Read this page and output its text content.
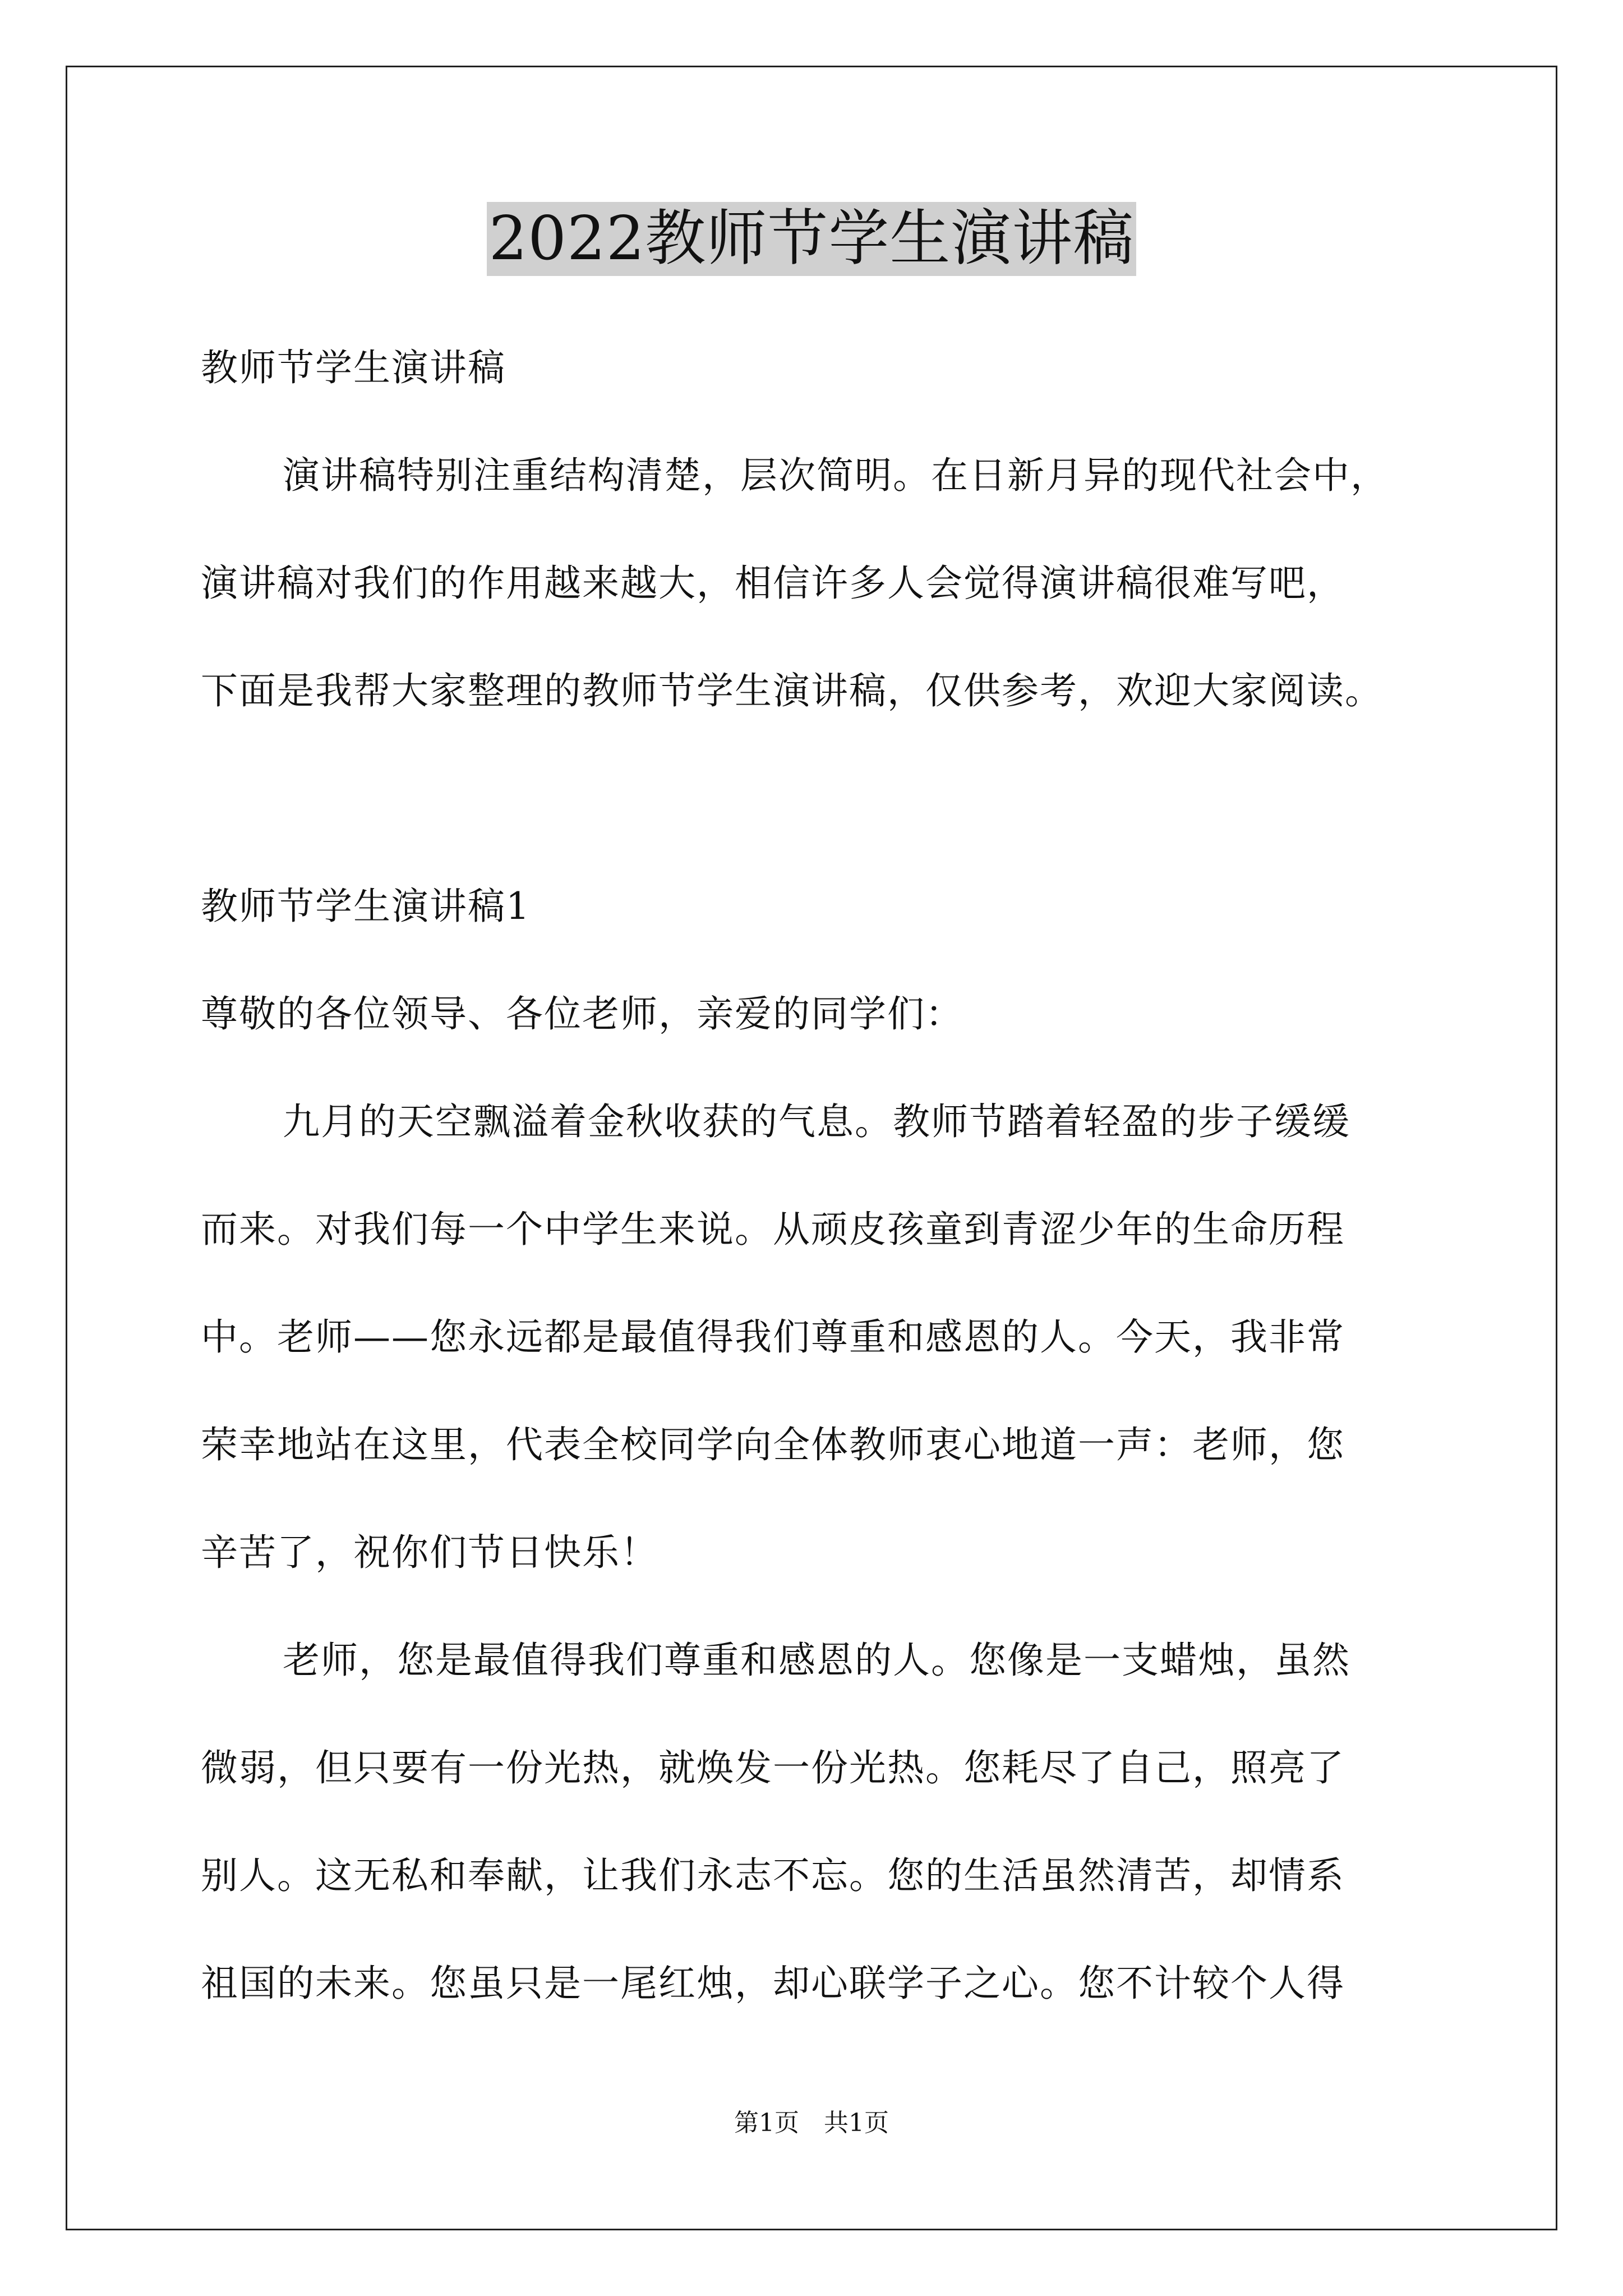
2022教师节学生演讲稿
教师节学生演讲稿
演讲稿特别注重结构清楚，层次简明。在日新月异的现代社会中，
演讲稿对我们的作用越来越大，相信许多人会觉得演讲稿很难写吧，
下面是我帮大家整理的教师节学生演讲稿，仅供参考，欢迎大家阅读。
教师节学生演讲稿1
尊敬的各位领导、各位老师，亲爱的同学们：
九月的天空飘溢着金秋收获的气息。教师节踏着轻盈的步子缓缓
而来。对我们每一个中学生来说。从顽皮孩童到青涩少年的生命历程
中。老师——您永远都是最值得我们尊重和感恩的人。今天，我非常
荣幸地站在这里，代表全校同学向全体教师衷心地道一声：老师，您
辛苦了，祝你们节日快乐！
老师，您是最值得我们尊重和感恩的人。您像是一支蜡烛，虽然
微弱，但只要有一份光热，就焕发一份光热。您耗尽了自己，照亮了
别人。这无私和奉献，让我们永志不忘。您的生活虽然清苦，却情系
祖国的未来。您虽只是一尾红烛，却心联学子之心。您不计较个人得
第1页　共1页
